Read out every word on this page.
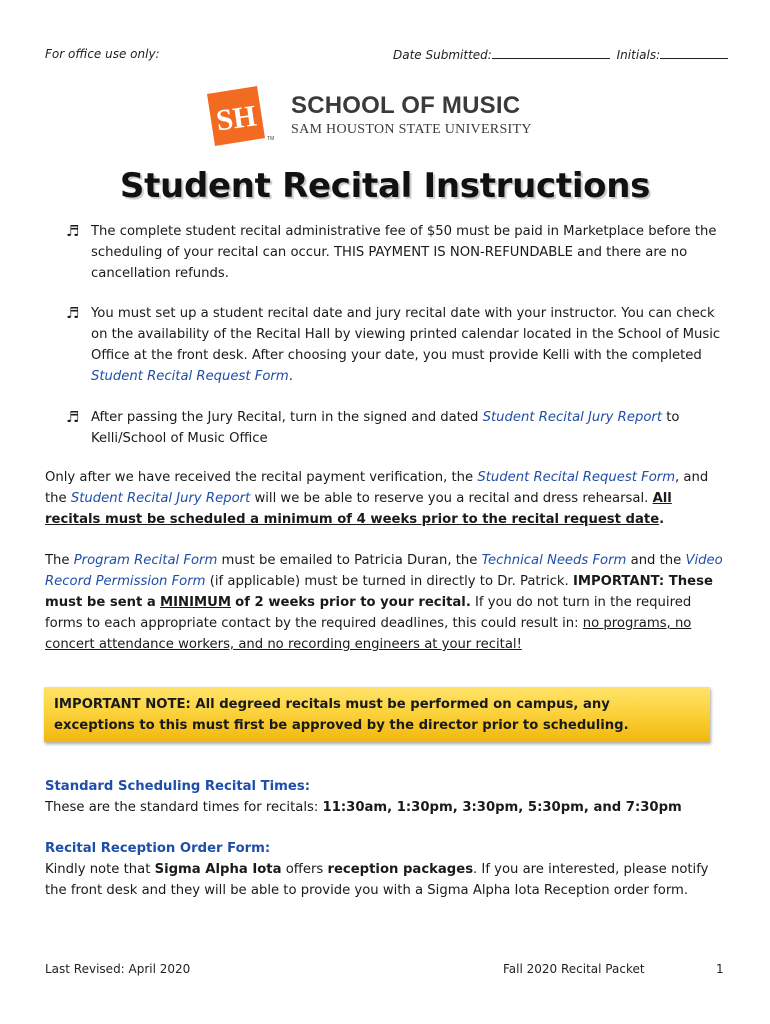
For office use only:	Date Submitted:	Initials:
SH
TM
SCHOOL OF MUSIC
SAM HOUSTON STATE UNIVERSITY
Student Recital Instructions
♬ The complete student recital administrative fee of $50 must be paid in Marketplace before the scheduling of your recital can occur. THIS PAYMENT IS NON-REFUNDABLE and there are no cancellation refunds.
♬ You must set up a student recital date and jury recital date with your instructor. You can check on the availability of the Recital Hall by viewing printed calendar located in the School of Music Office at the front desk. After choosing your date, you must provide Kelli with the completed Student Recital Request Form.
♬ After passing the Jury Recital, turn in the signed and dated Student Recital Jury Report to Kelli/School of Music Office
Only after we have received the recital payment verification, the Student Recital Request Form, and the Student Recital Jury Report will we be able to reserve you a recital and dress rehearsal. All recitals must be scheduled a minimum of 4 weeks prior to the recital request date.
The Program Recital Form must be emailed to Patricia Duran, the Technical Needs Form and the Video Record Permission Form (if applicable) must be turned in directly to Dr. Patrick. IMPORTANT: These must be sent a MINIMUM of 2 weeks prior to your recital. If you do not turn in the required forms to each appropriate contact by the required deadlines, this could result in: no programs, no concert attendance workers, and no recording engineers at your recital!
IMPORTANT NOTE: All degreed recitals must be performed on campus, any exceptions to this must first be approved by the director prior to scheduling.
Standard Scheduling Recital Times:
These are the standard times for recitals: 11:30am, 1:30pm, 3:30pm, 5:30pm, and 7:30pm
Recital Reception Order Form:
Kindly note that Sigma Alpha Iota offers reception packages. If you are interested, please notify the front desk and they will be able to provide you with a Sigma Alpha Iota Reception order form.
Last Revised: April 2020	Fall 2020 Recital Packet	1
